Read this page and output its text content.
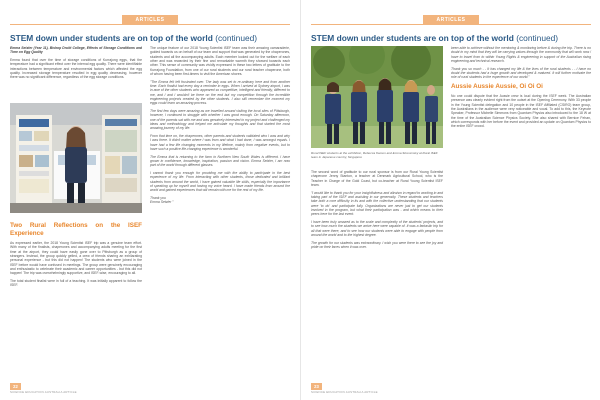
ARTICLES
STEM down under students are on top of the world (continued)

Emma Setzler (Year 11), Bishop Druitt College, Effects of Storage Conditions and Time on Egg Quality

Emma found that over the time of storage conditions of Kurrajong eggs, that the temperature had a significant effect over the internal egg quality. There were identifiable interactions between temperature and environmental factors which affected the egg quality. Increased storage temperature resulted in egg quality decreasing, however there was no significant difference, regardless of the egg storage conditions.

Two Rural Reflections on the ISEF Experience

As expressed earlier, the 2018 Young Scientist ISEF trip was a genuine team effort. With many of the finalists, chaperones and accompanying adults meeting for the first time at the airport, they could have easily gone over to Pittsburgh as a group of strangers. Instead, the group quickly gelled, a crew of friends sharing an exhilarating personal experience - but this did not happen! The students who were joined in the ISEF before would have confused in meetings. The group were genuinely encouraging and enthusiastic to celebrate their academic and career opportunities - but this did not happen! The trip was overwhelmingly supportive, and ISEF-wise, encouraging to all.

The total student finalist were in full of a teaching. It was initially apparent to follow the ISEF.

The unique feature of our 2018 Young Scientist ISEF team was their amazing camaraderie, guided towards us on behalf of our team and support that was generated by the chaperones, students and all the accompanying adults. Each member looked out for the welfare of each other and was rewarded by their fine and remarkable warmth they showed towards each other. This sense of community was vividly expressed in these two letters of gratitude to the Kurrajong Foundation, from one of our rural students and our rural teacher chaperone, both of whom having been first-timers to visit the American shores.

"The Emma felt left frustrated over. The lady was set to re-ordinary here and from another time. Each finalist had every day a reminder in eggs. When I arrived at Sydney airport, I was in awe of the other students who appeared so competitive, intelligent and friendly, different to me, and I and I wouldn't be there on the end but my competition through the incredible engineering projects created by the other students. I also still remember the moment my eggs could learn an amazing process.

The first few days were amazing as we travelled around visiting the local sites of Pittsburgh, however, I continued to struggle with whether I was good enough. On Saturday afternoon, one of the parents sat with me and was genuinely interested in my project and challenged my ideas and methodology and helped me articulate my thoughts and that started the most amazing journey of my life.

From that time on, the chaperones, other parents and students validated who I was and why I was there. It didn't matter where I was from and what I had done, I was amongst equals. I have had a few life changing moments in my lifetime, mainly from negative events, but to have such a positive life-changing experience is wonderful.

The Emma that is returning to the farm in Northern New South Wales is different. I have grown in confidence, knowledge, inspiration, passion and vision. Emma Setzler, I am now part of the world through different glasses.

I cannot thank you enough for providing me with the ability to participate in the best experience of my life. From interacting with other students, those dedicated and brilliant students from around the world, I have gained valuable life skills, especially the importance of speaking up for myself and having my voice heard. I have made friends from around the world and gained experiences that will remain with me for the rest of my life.

Thank you

Emma Setzler "

22
SCIENCE EDUCATION AUSTRALIA ARTICLE
ARTICLES
STEM down under students are on top of the world (continued)
Rural ISEF students at the exhibition, Rebecca Kamen and Emma Stressinsky at Rural ISEF team in Japanese country, Singapore

The second word of gratitude to our rural sponsor is from our Rural Young Scientist chaperone Jenny Stanton, a teacher at Denmark Agricultural School, who is the Teacher in Charge of the Gold Coast, but co-teacher at Rural Young Scientist ISEF team.

"I would like to thank you for your insightfulness and altruism in regard to working in and taking part of the ISEF and assisting in our generosity. These students and teachers take both a core difficulty in its and with the collective understanding that our students were 'to do' and participate fully. Organizations are never just to get our students involved in the program, but what their participation was - and which means to their peers here for the last event.

I have been truly amazed as to the scale and complexity of the students' projects, and to see how much the students we arrive here were capable of. It was a fantastic trip for all that were there, and to see how our students were able to engage with people from around the world and to the highest degree.

The growth for our students was extraordinary. I wish you were there to see the joy and pride on their faces when it was over.

been able to achieve without the mentoring & monitoring before & during the trip. There is no doubt in my mind that they will be carrying values through the community that will work now / have to travel from to within Young Rights & engineering in support of the Australian rising engineering and technical research.

Thank you so much - - It has changed my life & the lives of the rural students - - I have no doubt the students had a huge growth and developed & matured. It will further motivate the role of rural students in the experience of our world."

Aussie Aussie Aussie, Oi Oi Oi

No one could dispute that the Aussie crew is loud during the ISEF week. The Australian presence was clearly evident right from the outset at the Opening Ceremony. With 33 people in the Young Scientist delegation and 10 people in the ISEF Affiliated (CSIRO) team group, the Australians in the audience were very noticeable and vocal. To add to this, the Keynote Speaker, Professor Michelle Simmons from Quantum Physics also introduced to the 18 W at the time of the Australian Science Physics Society. She also shared with Bernice Fehan, which corresponds with her before the event and provided an update on Quantum Physics to the entire ISEF crowd.

23
SCIENCE EDUCATION AUSTRALIA ARTICLE
